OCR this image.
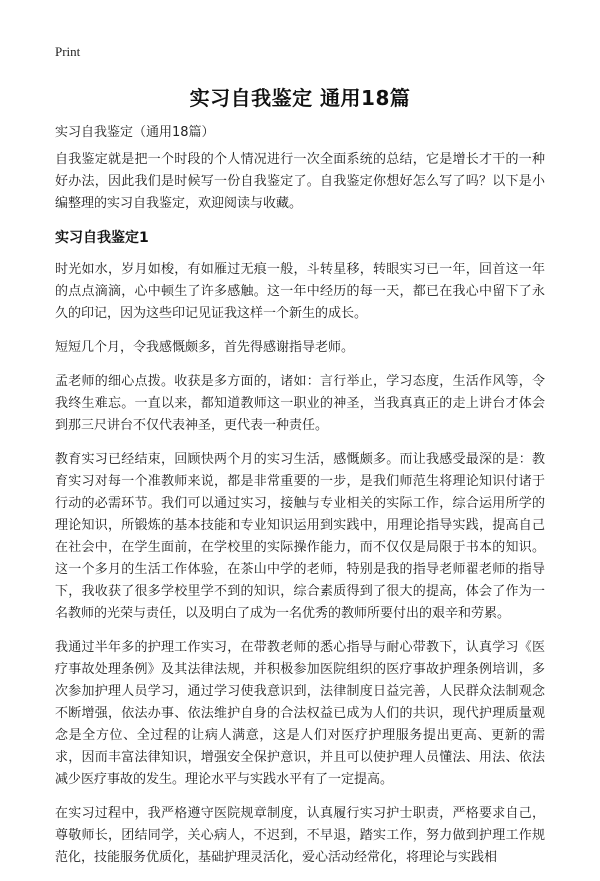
Print
实习自我鉴定 通用18篇
实习自我鉴定（通用18篇）

自我鉴定就是把一个时段的个人情况进行一次全面系统的总结，它是增长才干的一种好办法，因此我们是时候写一份自我鉴定了。自我鉴定你想好怎么写了吗？以下是小编整理的实习自我鉴定，欢迎阅读与收藏。

实习自我鉴定1

时光如水，岁月如梭，有如雁过无痕一般，斗转星移，转眼实习已一年，回首这一年的点点滴滴，心中顿生了许多感触。这一年中经历的每一天，都已在我心中留下了永久的印记，因为这些印记见证我这样一个新生的成长。

短短几个月，令我感慨颇多，首先得感谢指导老师。

孟老师的细心点拨。收获是多方面的，诸如：言行举止，学习态度，生活作风等，令我终生难忘。一直以来，都知道教师这一职业的神圣，当我真真正的走上讲台才体会到那三尺讲台不仅代表神圣，更代表一种责任。

教育实习已经结束，回顾快两个月的实习生活，感慨颇多。而让我感受最深的是：教育实习对每一个准教师来说，都是非常重要的一步，是我们师范生将理论知识付诸于行动的必需环节。我们可以通过实习，接触与专业相关的实际工作，综合运用所学的理论知识，所锻炼的基本技能和专业知识运用到实践中，用理论指导实践，提高自己在社会中，在学生面前，在学校里的实际操作能力，而不仅仅是局限于书本的知识。这一个多月的生活工作体验，在茶山中学的老师，特别是我的指导老师翟老师的指导下，我收获了很多学校里学不到的知识，综合素质得到了很大的提高，体会了作为一名教师的光荣与责任，以及明白了成为一名优秀的教师所要付出的艰辛和劳累。

我通过半年多的护理工作实习，在带教老师的悉心指导与耐心带教下，认真学习《医疗事故处理条例》及其法律法规，并积极参加医院组织的医疗事故护理条例培训，多次参加护理人员学习，通过学习使我意识到，法律制度日益完善，人民群众法制观念不断增强，依法办事、依法维护自身的合法权益已成为人们的共识，现代护理质量观念是全方位、全过程的让病人满意，这是人们对医疗护理服务提出更高、更新的需求，因而丰富法律知识，增强安全保护意识，并且可以使护理人员懂法、用法、依法减少医疗事故的发生。理论水平与实践水平有了一定提高。

在实习过程中，我严格遵守医院规章制度，认真履行实习护士职责，严格要求自己，尊敬师长，团结同学，关心病人，不迟到，不早退，踏实工作，努力做到护理工作规范化，技能服务优质化，基础护理灵活化，爱心活动经常化，将理论与实践相
